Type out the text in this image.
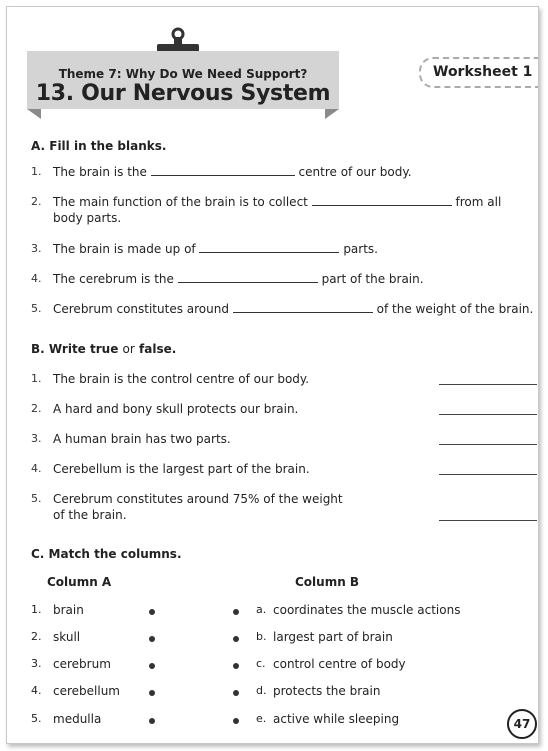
Theme 7: Why Do We Need Support?
13. Our Nervous System
Worksheet 1
A. Fill in the blanks.
1. The brain is the	centre of our body.
2. The main function of the brain is to collect	from all
body parts.
3. The brain is made up of	parts.
4. The cerebrum is the	part of the brain.
5. Cerebrum constitutes around	of the weight of the brain.
B. Write true or false.
1. The brain is the control centre of our body.
2. A hard and bony skull protects our brain.
3. A human brain has two parts.
4. Cerebellum is the largest part of the brain.
5. Cerebrum constitutes around 75% of the weight
of the brain.
C. Match the columns.
Column A	Column B
1. brain	a. coordinates the muscle actions
2. skull	b. largest part of brain
3. cerebrum	c. control centre of body
4. cerebellum	d. protects the brain
5. medulla	e. active while sleeping	47
